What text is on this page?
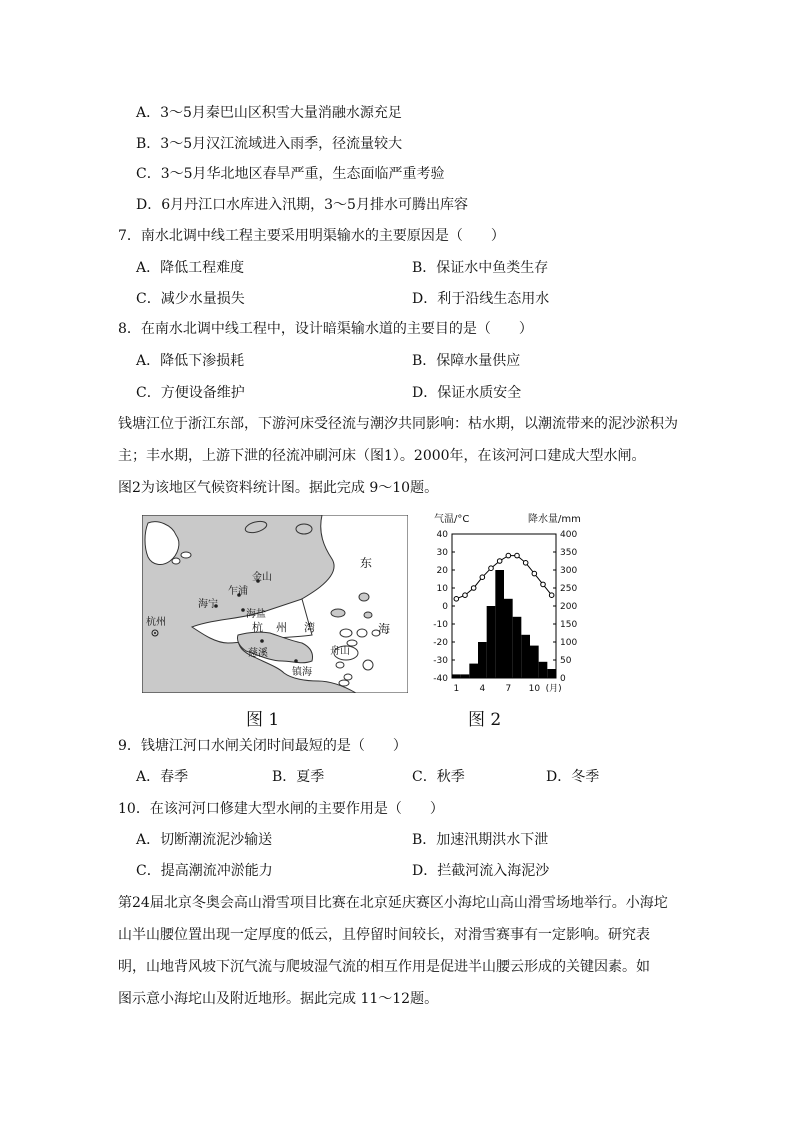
A．3～5月秦巴山区积雪大量消融水源充足
B．3～5月汉江流域进入雨季，径流量较大
C．3～5月华北地区春旱严重，生态面临严重考验
D．6月丹江口水库进入汛期，3～5月排水可腾出库容
7．南水北调中线工程主要采用明渠输水的主要原因是（　　）
A．降低工程难度	B．保证水中鱼类生存
C．减少水量损失	D．利于沿线生态用水
8．在南水北调中线工程中，设计暗渠输水道的主要目的是（　　）
A．降低下渗损耗	B．保障水量供应
C．方便设备维护	D．保证水质安全
钱塘江位于浙江东部，下游河床受径流与潮汐共同影响：枯水期，以潮流带来的泥沙淤积为
主；丰水期，上游下泄的径流冲刷河床（图1）。2000年，在该河河口建成大型水闸。
图2为该地区气候资料统计图。据此完成 9～10题。
杭州
海宁
乍浦
金山
海盐
杭 州 湾
慈溪
镇海
舟山
东
海
气温/°C	降水量/mm
40
30
20
10
0
-10
-20
-30
-40
400
350
300
250
200
150
100
50
0
1 4 7 10 (月)
图 1	图 2
9．钱塘江河口水闸关闭时间最短的是（　　）
A．春季	B．夏季	C．秋季	D．冬季
10．在该河河口修建大型水闸的主要作用是（　　）
A．切断潮流泥沙输送	B．加速汛期洪水下泄
C．提高潮流冲淤能力	D．拦截河流入海泥沙
第24届北京冬奥会高山滑雪项目比赛在北京延庆赛区小海坨山高山滑雪场地举行。小海坨
山半山腰位置出现一定厚度的低云，且停留时间较长，对滑雪赛事有一定影响。研究表
明，山地背风坡下沉气流与爬坡湿气流的相互作用是促进半山腰云形成的关键因素。如
图示意小海坨山及附近地形。据此完成 11～12题。
